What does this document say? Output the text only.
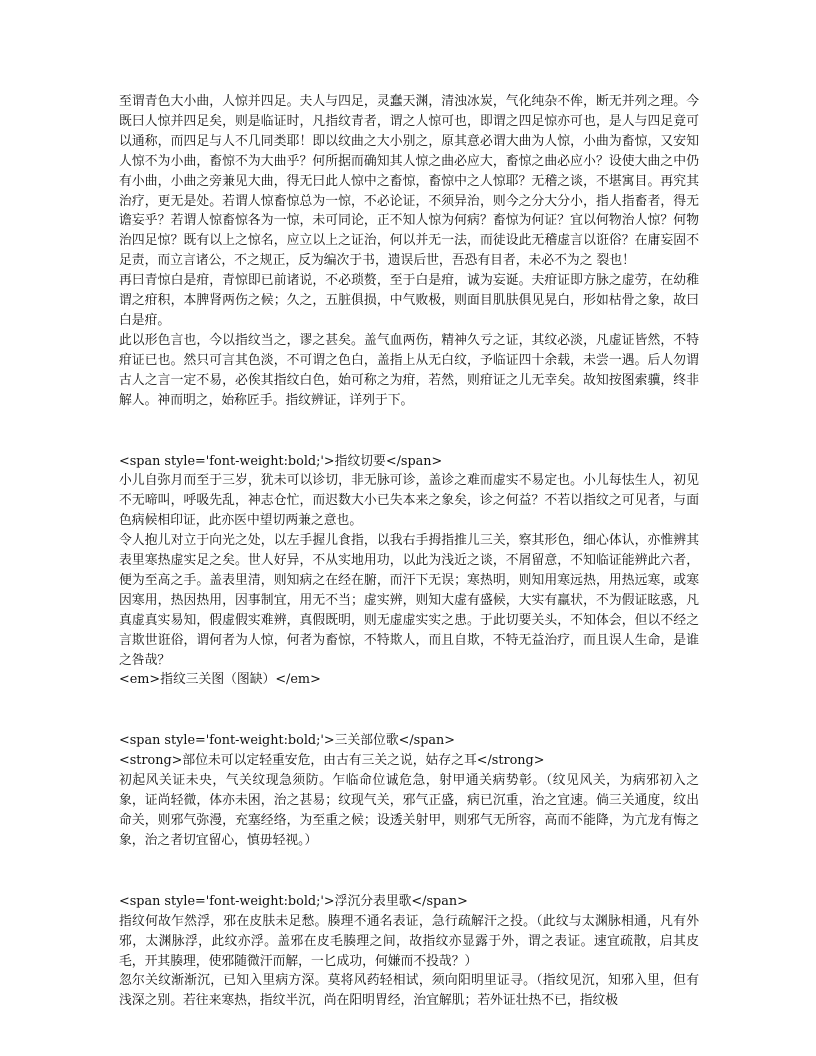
至谓青色大小曲，人惊并四足。夫人与四足，灵蠢天渊，清浊冰炭，气化纯杂不侔，断无并列之理。今既曰人惊并四足矣，则是临证时，凡指纹青者，谓之人惊可也，即谓之四足惊亦可也，是人与四足竟可以通称，而四足与人不几同类耶！即以纹曲之大小别之，原其意必谓大曲为人惊，小曲为畜惊，又安知人惊不为小曲，畜惊不为大曲乎？何所据而确知其人惊之曲必应大，畜惊之曲必应小？设使大曲之中仍有小曲，小曲之旁兼见大曲，得无曰此人惊中之畜惊，畜惊中之人惊耶？无稽之谈，不堪寓目。再究其治疗，更无是处。若谓人惊畜惊总为一惊，不必论证，不须异治，则今之分大分小，指人指畜者，得无谵妄乎？若谓人惊畜惊各为一惊，未可同论，正不知人惊为何病？畜惊为何证？宜以何物治人惊？何物治四足惊？既有以上之惊名，应立以上之证治，何以并无一法，而徒设此无稽虚言以诳俗？在庸妄固不足责，而立言诸公，不之规正，反为编次于书，遗误后世，吾恐有目者，未必不为之 裂也！

再曰青惊白是疳，青惊即已前诸说，不必琐赘，至于白是疳，诚为妄诞。夫疳证即方脉之虚劳，在幼稚谓之疳积，本脾肾两伤之候；久之，五脏俱损，中气败极，则面目肌肤俱见晃白，形如枯骨之象，故曰白是疳。

此以形色言也，今以指纹当之，谬之甚矣。盖气血两伤，精神久亏之证，其纹必淡，凡虚证皆然，不特疳证已也。然只可言其色淡，不可谓之色白，盖指上从无白纹，予临证四十余载，未尝一遇。后人勿谓古人之言一定不易，必俟其指纹白色，始可称之为疳，若然，则疳证之儿无幸矣。故知按图索骥，终非解人。神而明之，始称匠手。指纹辨证，详列于下。

<span style='font-weight:bold;'>指纹切要</span>

小儿自弥月而至于三岁，犹未可以诊切，非无脉可诊，盖诊之难而虚实不易定也。小儿每怯生人，初见不无啼叫，呼吸先乱，神志仓忙，而迟数大小已失本来之象矣，诊之何益？不若以指纹之可见者，与面色病候相印证，此亦医中望切两兼之意也。

令人抱儿对立于向光之处，以左手握儿食指，以我右手拇指推儿三关，察其形色，细心体认，亦惟辨其表里寒热虚实足之矣。世人好异，不从实地用功，以此为浅近之谈，不屑留意，不知临证能辨此六者，便为至高之手。盖表里清，则知病之在经在腑，而汗下无误；寒热明，则知用寒远热，用热远寒，或寒因寒用，热因热用，因事制宜，用无不当；虚实辨，则知大虚有盛候，大实有羸状，不为假证眩惑，凡真虚真实易知，假虚假实难辨，真假既明，则无虚虚实实之患。于此切要关头，不知体会，但以不经之言欺世诳俗，谓何者为人惊，何者为畜惊，不特欺人，而且自欺，不特无益治疗，而且误人生命，是谁之咎哉？

<em>指纹三关图（图缺）</em>

<span style='font-weight:bold;'>三关部位歌</span>

<strong>部位未可以定轻重安危，由古有三关之说，姑存之耳</strong>

初起风关证未央，气关纹现急须防。乍临命位诚危急，射甲通关病势彰。（纹见风关，为病邪初入之象，证尚轻微，体亦未困，治之甚易；纹现气关，邪气正盛，病已沉重，治之宜速。倘三关通度，纹出命关，则邪气弥漫，充塞经络，为至重之候；设透关射甲，则邪气无所容，高而不能降，为亢龙有悔之象，治之者切宜留心，慎毋轻视。）

<span style='font-weight:bold;'>浮沉分表里歌</span>

指纹何故乍然浮，邪在皮肤未足愁。腠理不通名表证，急行疏解汗之投。（此纹与太渊脉相通，凡有外邪，太渊脉浮，此纹亦浮。盖邪在皮毛腠理之间，故指纹亦显露于外，谓之表证。速宜疏散，启其皮毛，开其腠理，使邪随微汗而解，一匕成功，何嫌而不投哉？）

忽尔关纹渐渐沉，已知入里病方深。莫将风药轻相试，须向阳明里证寻。（指纹见沉，知邪入里，但有浅深之别。若往来寒热，指纹半沉，尚在阳明胃经，治宜解肌；若外证壮热不已，指纹极
